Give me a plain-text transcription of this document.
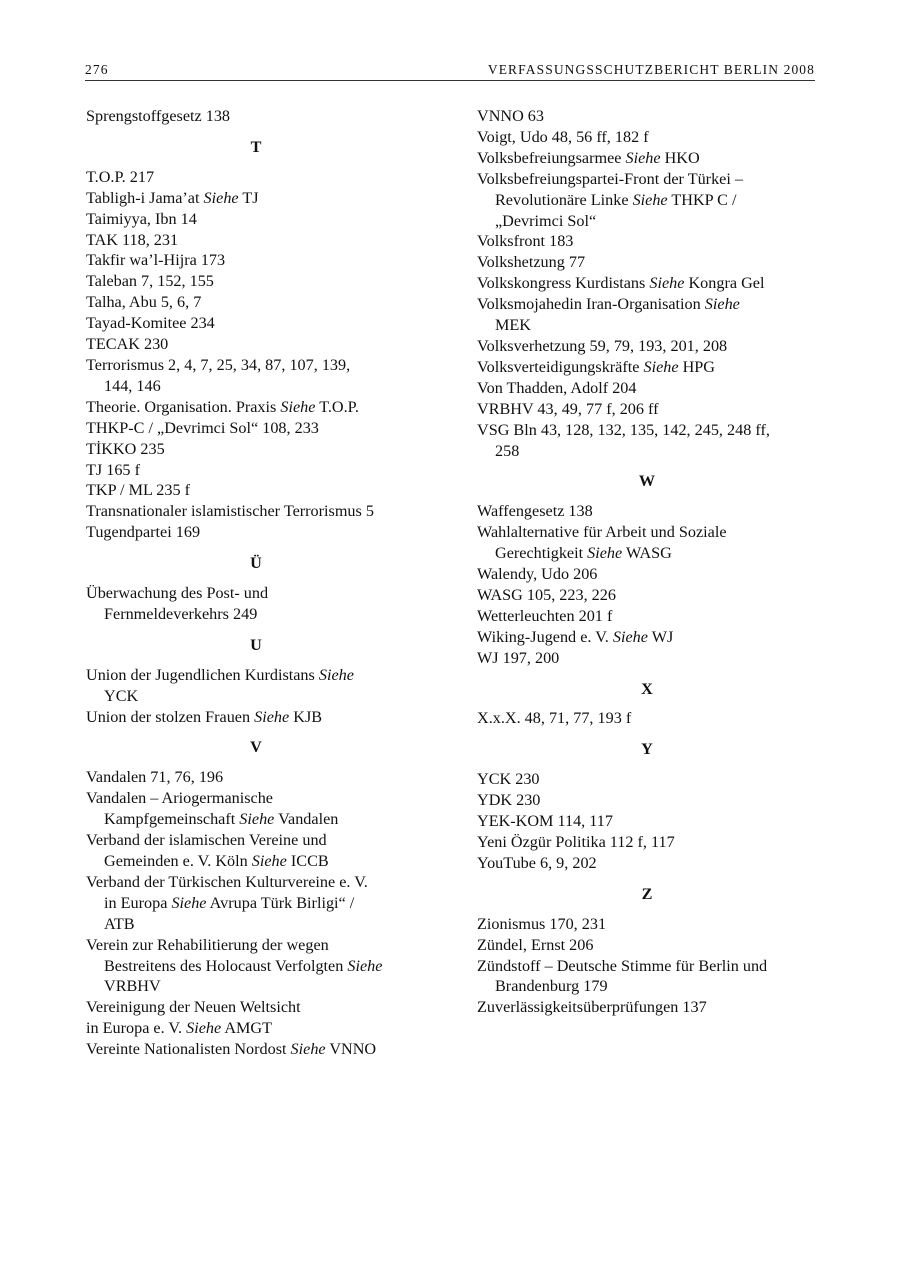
276	VERFASSUNGSSCHUTZBERICHT BERLIN 2008
Sprengstoffgesetz 138
T
T.O.P. 217
Tabligh-i Jama’at Siehe TJ
Taimiyya, Ibn 14
TAK 118, 231
Takfir wa’l-Hijra 173
Taleban 7, 152, 155
Talha, Abu 5, 6, 7
Tayad-Komitee 234
TECAK 230
Terrorismus 2, 4, 7, 25, 34, 87, 107, 139,
144, 146
Theorie. Organisation. Praxis Siehe T.O.P.
THKP-C / „Devrimci Sol“ 108, 233
TİKKO 235
TJ 165 f
TKP / ML 235 f
Transnationaler islamistischer Terrorismus 5
Tugendpartei 169
Ü
Überwachung des Post- und
Fernmeldeverkehrs 249
U
Union der Jugendlichen Kurdistans Siehe
YCK
Union der stolzen Frauen Siehe KJB
V
Vandalen 71, 76, 196
Vandalen – Ariogermanische
Kampfgemeinschaft Siehe Vandalen
Verband der islamischen Vereine und
Gemeinden e. V. Köln Siehe ICCB
Verband der Türkischen Kulturvereine e. V.
in Europa Siehe Avrupa Türk Birligi“ /
ATB
Verein zur Rehabilitierung der wegen
Bestreitens des Holocaust Verfolgten Siehe
VRBHV
Vereinigung der Neuen Weltsicht
in Europa e. V. Siehe AMGT
Vereinte Nationalisten Nordost Siehe VNNO
VNNO 63
Voigt, Udo 48, 56 ff, 182 f
Volksbefreiungsarmee Siehe HKO
Volksbefreiungspartei-Front der Türkei –
Revolutionäre Linke Siehe THKP C /
„Devrimci Sol“
Volksfront 183
Volkshetzung 77
Volkskongress Kurdistans Siehe Kongra Gel
Volksmojahedin Iran-Organisation Siehe
MEK
Volksverhetzung 59, 79, 193, 201, 208
Volksverteidigungskräfte Siehe HPG
Von Thadden, Adolf 204
VRBHV 43, 49, 77 f, 206 ff
VSG Bln 43, 128, 132, 135, 142, 245, 248 ff,
258
W
Waffengesetz 138
Wahlalternative für Arbeit und Soziale
Gerechtigkeit Siehe WASG
Walendy, Udo 206
WASG 105, 223, 226
Wetterleuchten 201 f
Wiking-Jugend e. V. Siehe WJ
WJ 197, 200
X
X.x.X. 48, 71, 77, 193 f
Y
YCK 230
YDK 230
YEK-KOM 114, 117
Yeni Özgür Politika 112 f, 117
YouTube 6, 9, 202
Z
Zionismus 170, 231
Zündel, Ernst 206
Zündstoff – Deutsche Stimme für Berlin und
Brandenburg 179
Zuverlässigkeitsüberprüfungen 137
